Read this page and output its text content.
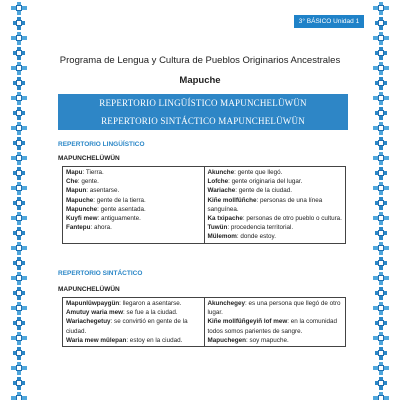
3° BÁSICO Unidad 1
Programa de Lengua y Cultura de Pueblos Originarios Ancestrales
Mapuche
REPERTORIO LINGÜÍSTICO MAPUNCHELÜWÜN
REPERTORIO SINTÁCTICO MAPUNCHELÜWÜN
REPERTORIO LINGÜÍSTICO
MAPUNCHELÜWÜN
Mapu: Tierra.
Che: gente.
Mapun: asentarse.
Mapuche: gente de la tierra.
Mapunche: gente asentada.
Kuyfi mew: antiguamente.
Fantepu: ahora.

Akunche: gente que llegó.
Lofche: gente originaria del lugar.
Wariache: gente de la ciudad.
Kiñe mollfüñche: personas de una línea sanguínea.
Ka txipache: personas de otro pueblo o cultura.
Tuwün: procedencia territorial.
Mülemom: donde estoy.
REPERTORIO SINTÁCTICO
MAPUNCHELÜWÜN
Mapunlüwpaygün: llegaron a asentarse.
Amutuy waria mew: se fue a la ciudad.
Wariachegetuy: se convirtió en gente de la ciudad.
Waria mew mülepan: estoy en la ciudad.

Akunchegey: es una persona que llegó de otro lugar.
Kiñe mollfüñgeyiñ lof mew: en la comunidad todos somos parientes de sangre.
Mapuchegen: soy mapuche.
